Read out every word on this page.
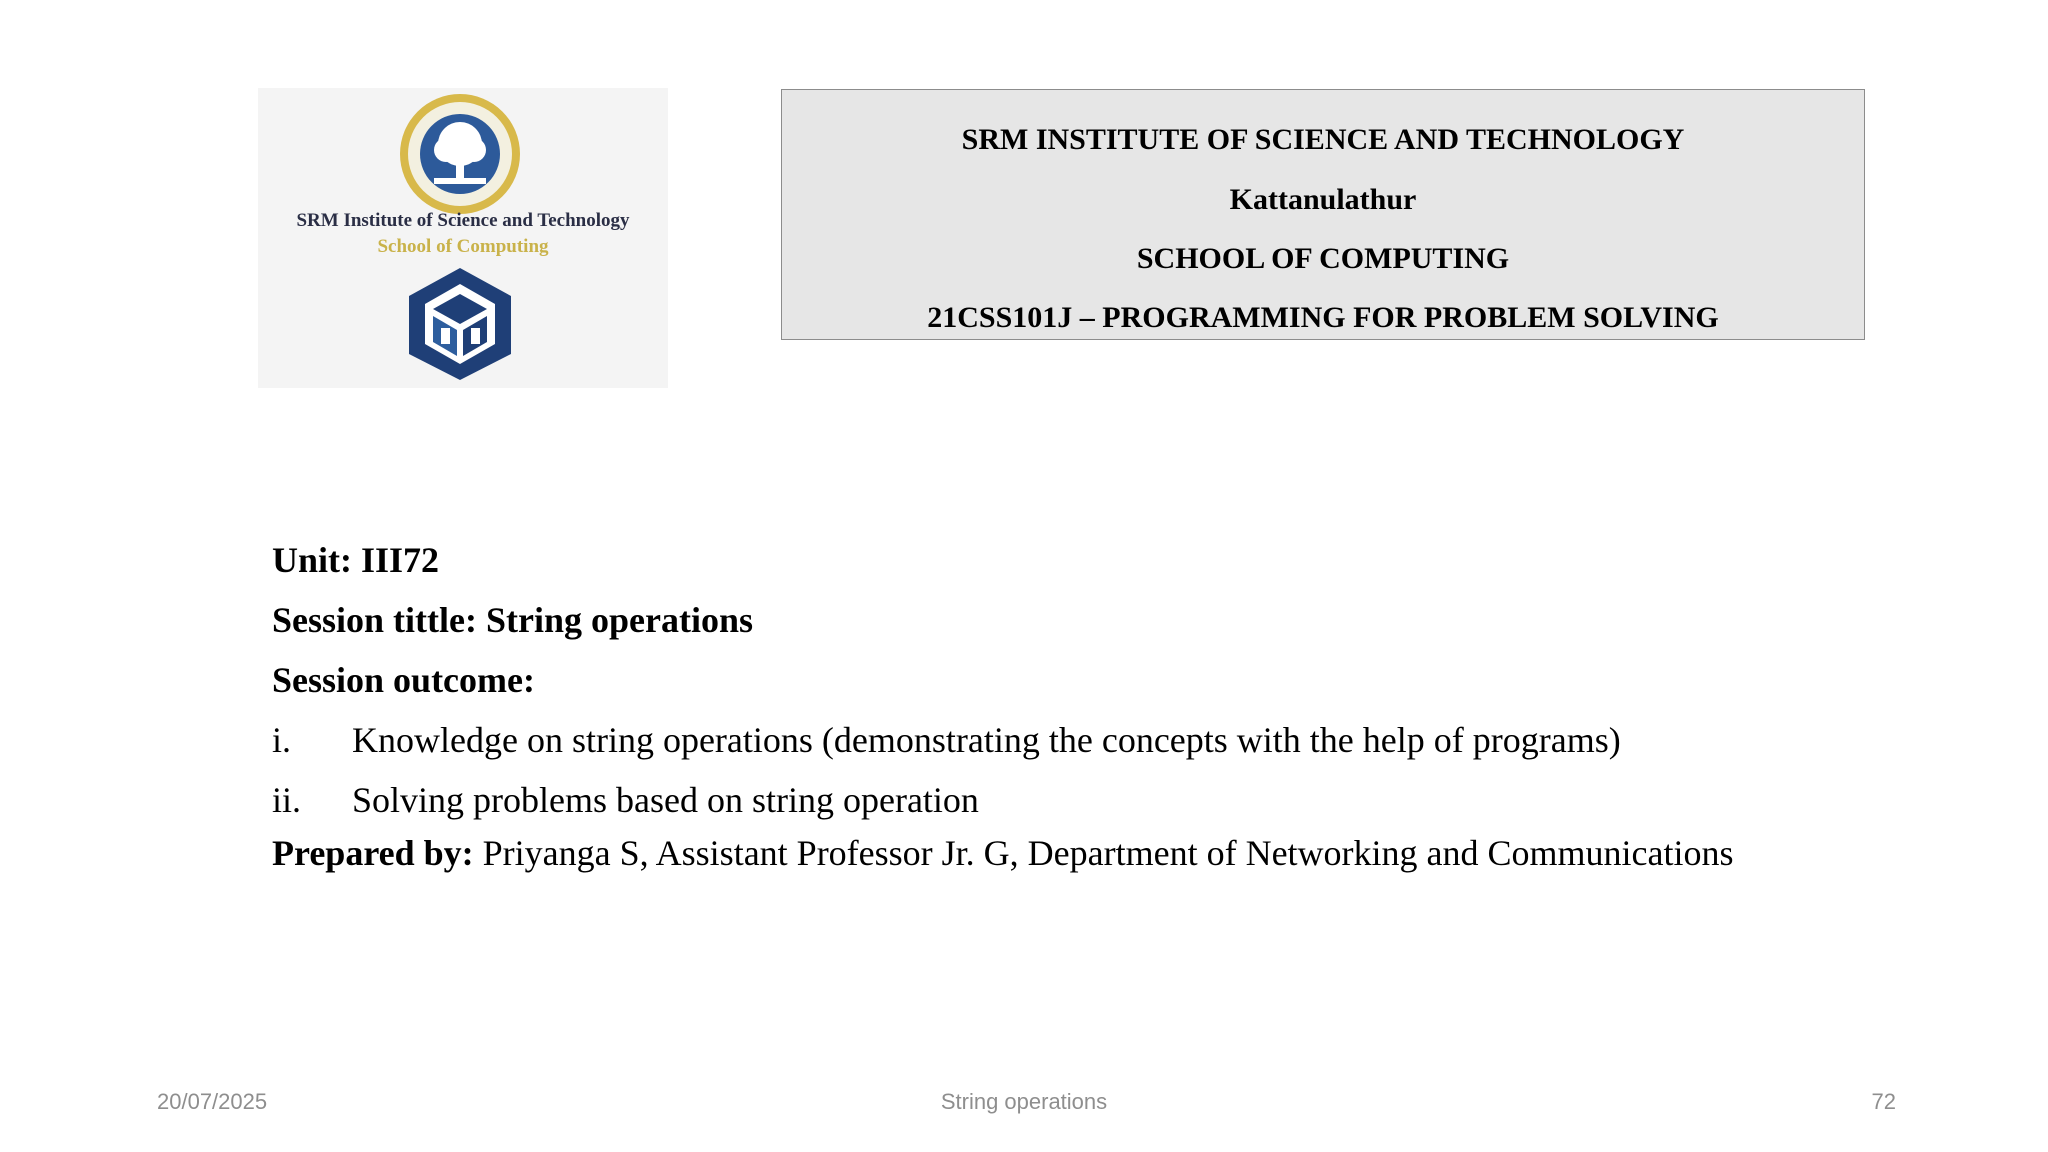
SRM Institute of Science and Technology
School of Computing
SRM INSTITUTE OF SCIENCE AND TECHNOLOGY
Kattanulathur
SCHOOL OF COMPUTING
21CSS101J – PROGRAMMING FOR PROBLEM SOLVING
Unit: III72
Session tittle: String operations
Session outcome:
i.	Knowledge on string operations (demonstrating the concepts with the help of programs)
ii.	Solving problems based on string operation
Prepared by: Priyanga S, Assistant Professor Jr. G, Department of Networking and Communications
20/07/2025	String operations	72
